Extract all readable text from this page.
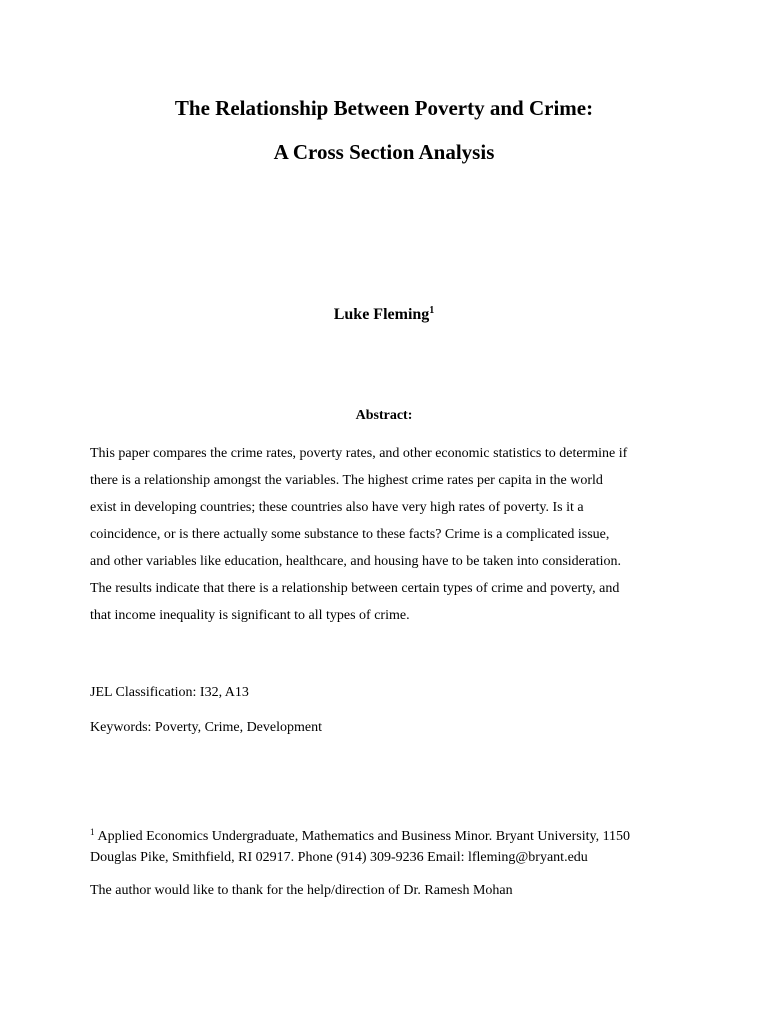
The Relationship Between Poverty and Crime:
A Cross Section Analysis
Luke Fleming$^1$
Abstract:
This paper compares the crime rates, poverty rates, and other economic statistics to determine if
there is a relationship amongst the variables. The highest crime rates per capita in the world
exist in developing countries; these countries also have very high rates of poverty. Is it a
coincidence, or is there actually some substance to these facts? Crime is a complicated issue,
and other variables like education, healthcare, and housing have to be taken into consideration.
The results indicate that there is a relationship between certain types of crime and poverty, and
that income inequality is significant to all types of crime.
JEL Classification: I32, A13
Keywords: Poverty, Crime, Development
$^1$ Applied Economics Undergraduate, Mathematics and Business Minor. Bryant University, 1150
Douglas Pike, Smithfield, RI 02917. Phone (914) 309-9236 Email: lfleming@bryant.edu
The author would like to thank for the help/direction of Dr. Ramesh Mohan
